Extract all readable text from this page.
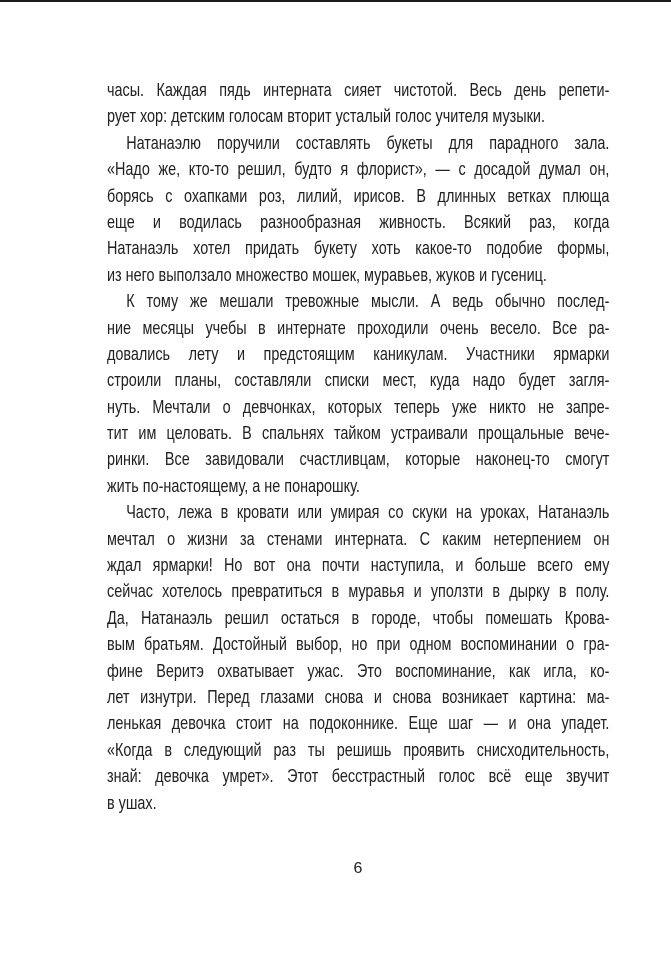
часы. Каждая пядь интерната сияет чистотой. Весь день репети-
рует хор: детским голосам вторит усталый голос учителя музыки.
Натанаэлю поручили составлять букеты для парадного зала.
«Надо же, кто-то решил, будто я флорист», — с досадой думал он,
борясь с охапками роз, лилий, ирисов. В длинных ветках плюща
еще и водилась разнообразная живность. Всякий раз, когда
Натанаэль хотел придать букету хоть какое-то подобие формы,
из него выползало множество мошек, муравьев, жуков и гусениц.
К тому же мешали тревожные мысли. А ведь обычно послед-
ние месяцы учебы в интернате проходили очень весело. Все ра-
довались лету и предстоящим каникулам. Участники ярмарки
строили планы, составляли списки мест, куда надо будет загля-
нуть. Мечтали о девчонках, которых теперь уже никто не запре-
тит им целовать. В спальнях тайком устраивали прощальные вече-
ринки. Все завидовали счастливцам, которые наконец-то смогут
жить по-настоящему, а не понарошку.
Часто, лежа в кровати или умирая со скуки на уроках, Натанаэль
мечтал о жизни за стенами интерната. С каким нетерпением он
ждал ярмарки! Но вот она почти наступила, и больше всего ему
сейчас хотелось превратиться в муравья и уползти в дырку в полу.
Да, Натанаэль решил остаться в городе, чтобы помешать Крова-
вым братьям. Достойный выбор, но при одном воспоминании о гра-
фине Веритэ охватывает ужас. Это воспоминание, как игла, ко-
лет изнутри. Перед глазами снова и снова возникает картина: ма-
ленькая девочка стоит на подоконнике. Еще шаг — и она упадет.
«Когда в следующий раз ты решишь проявить снисходительность,
знай: девочка умрет». Этот бесстрастный голос всё еще звучит
в ушах.
6
